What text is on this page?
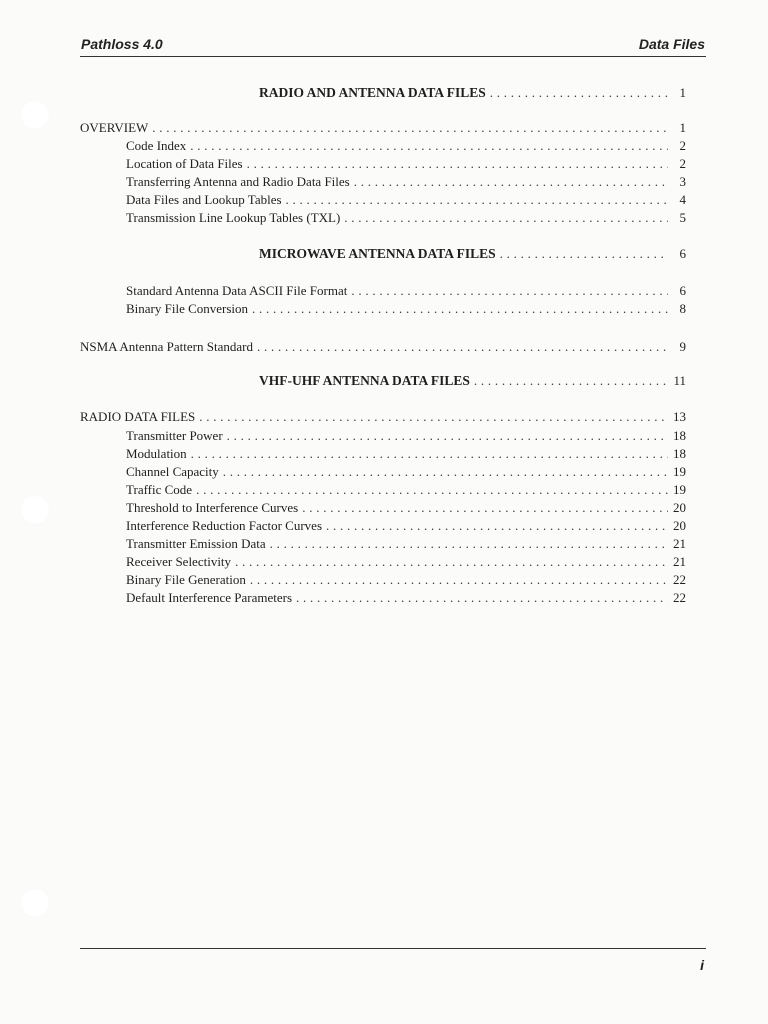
Pathloss 4.0	Data Files
RADIO AND ANTENNA DATA FILES . . .	1
OVERVIEW . . .	1
Code Index . . .	2
Location of Data Files . . .	2
Transferring Antenna and Radio Data Files . . .	3
Data Files and Lookup Tables . . .	4
Transmission Line Lookup Tables (TXL) . . .	5
MICROWAVE ANTENNA DATA FILES . . .	6
Standard Antenna Data ASCII File Format . . .	6
Binary File Conversion . . .	8
NSMA Antenna Pattern Standard . . .	9
VHF-UHF ANTENNA DATA FILES . . .	11
RADIO DATA FILES . . .	13
Transmitter Power . . .	18
Modulation . . .	18
Channel Capacity . . .	19
Traffic Code . . .	19
Threshold to Interference Curves . . .	20
Interference Reduction Factor Curves . . .	20
Transmitter Emission Data . . .	21
Receiver Selectivity . . .	21
Binary File Generation . . .	22
Default Interference Parameters . . .	22
i
